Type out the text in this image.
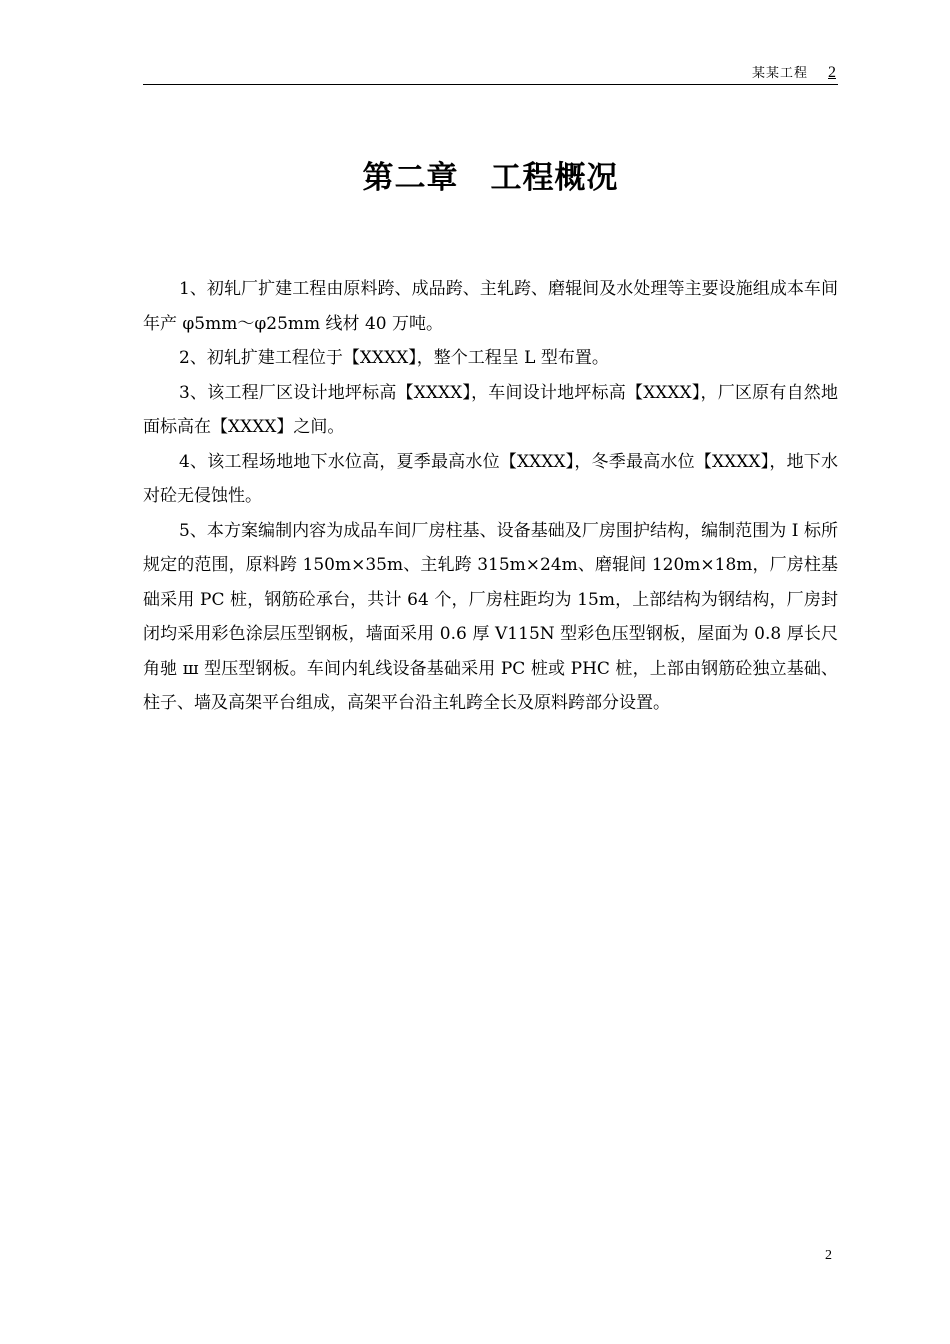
某某工程 2
第二章　工程概况

1、初轧厂扩建工程由原料跨、成品跨、主轧跨、磨辊间及水处理等主要设施组成本车间年产 φ5mm～φ25mm 线材 40 万吨。

2、初轧扩建工程位于【XXXX】，整个工程呈 L 型布置。

3、该工程厂区设计地坪标高【XXXX】，车间设计地坪标高【XXXX】，厂区原有自然地面标高在【XXXX】之间。

4、该工程场地地下水位高，夏季最高水位【XXXX】，冬季最高水位【XXXX】，地下水对砼无侵蚀性。

5、本方案编制内容为成品车间厂房柱基、设备基础及厂房围护结构，编制范围为 I 标所规定的范围，原料跨 150m×35m、主轧跨 315m×24m、磨辊间 120m×18m，厂房柱基础采用 PC 桩，钢筋砼承台，共计 64 个，厂房柱距均为 15m，上部结构为钢结构，厂房封闭均采用彩色涂层压型钢板，墙面采用 0.6 厚 V115N 型彩色压型钢板，屋面为 0.8 厚长尺角驰 ш 型压型钢板。车间内轧线设备基础采用 PC 桩或 PHC 桩，上部由钢筋砼独立基础、柱子、墙及高架平台组成，高架平台沿主轧跨全长及原料跨部分设置。

2
